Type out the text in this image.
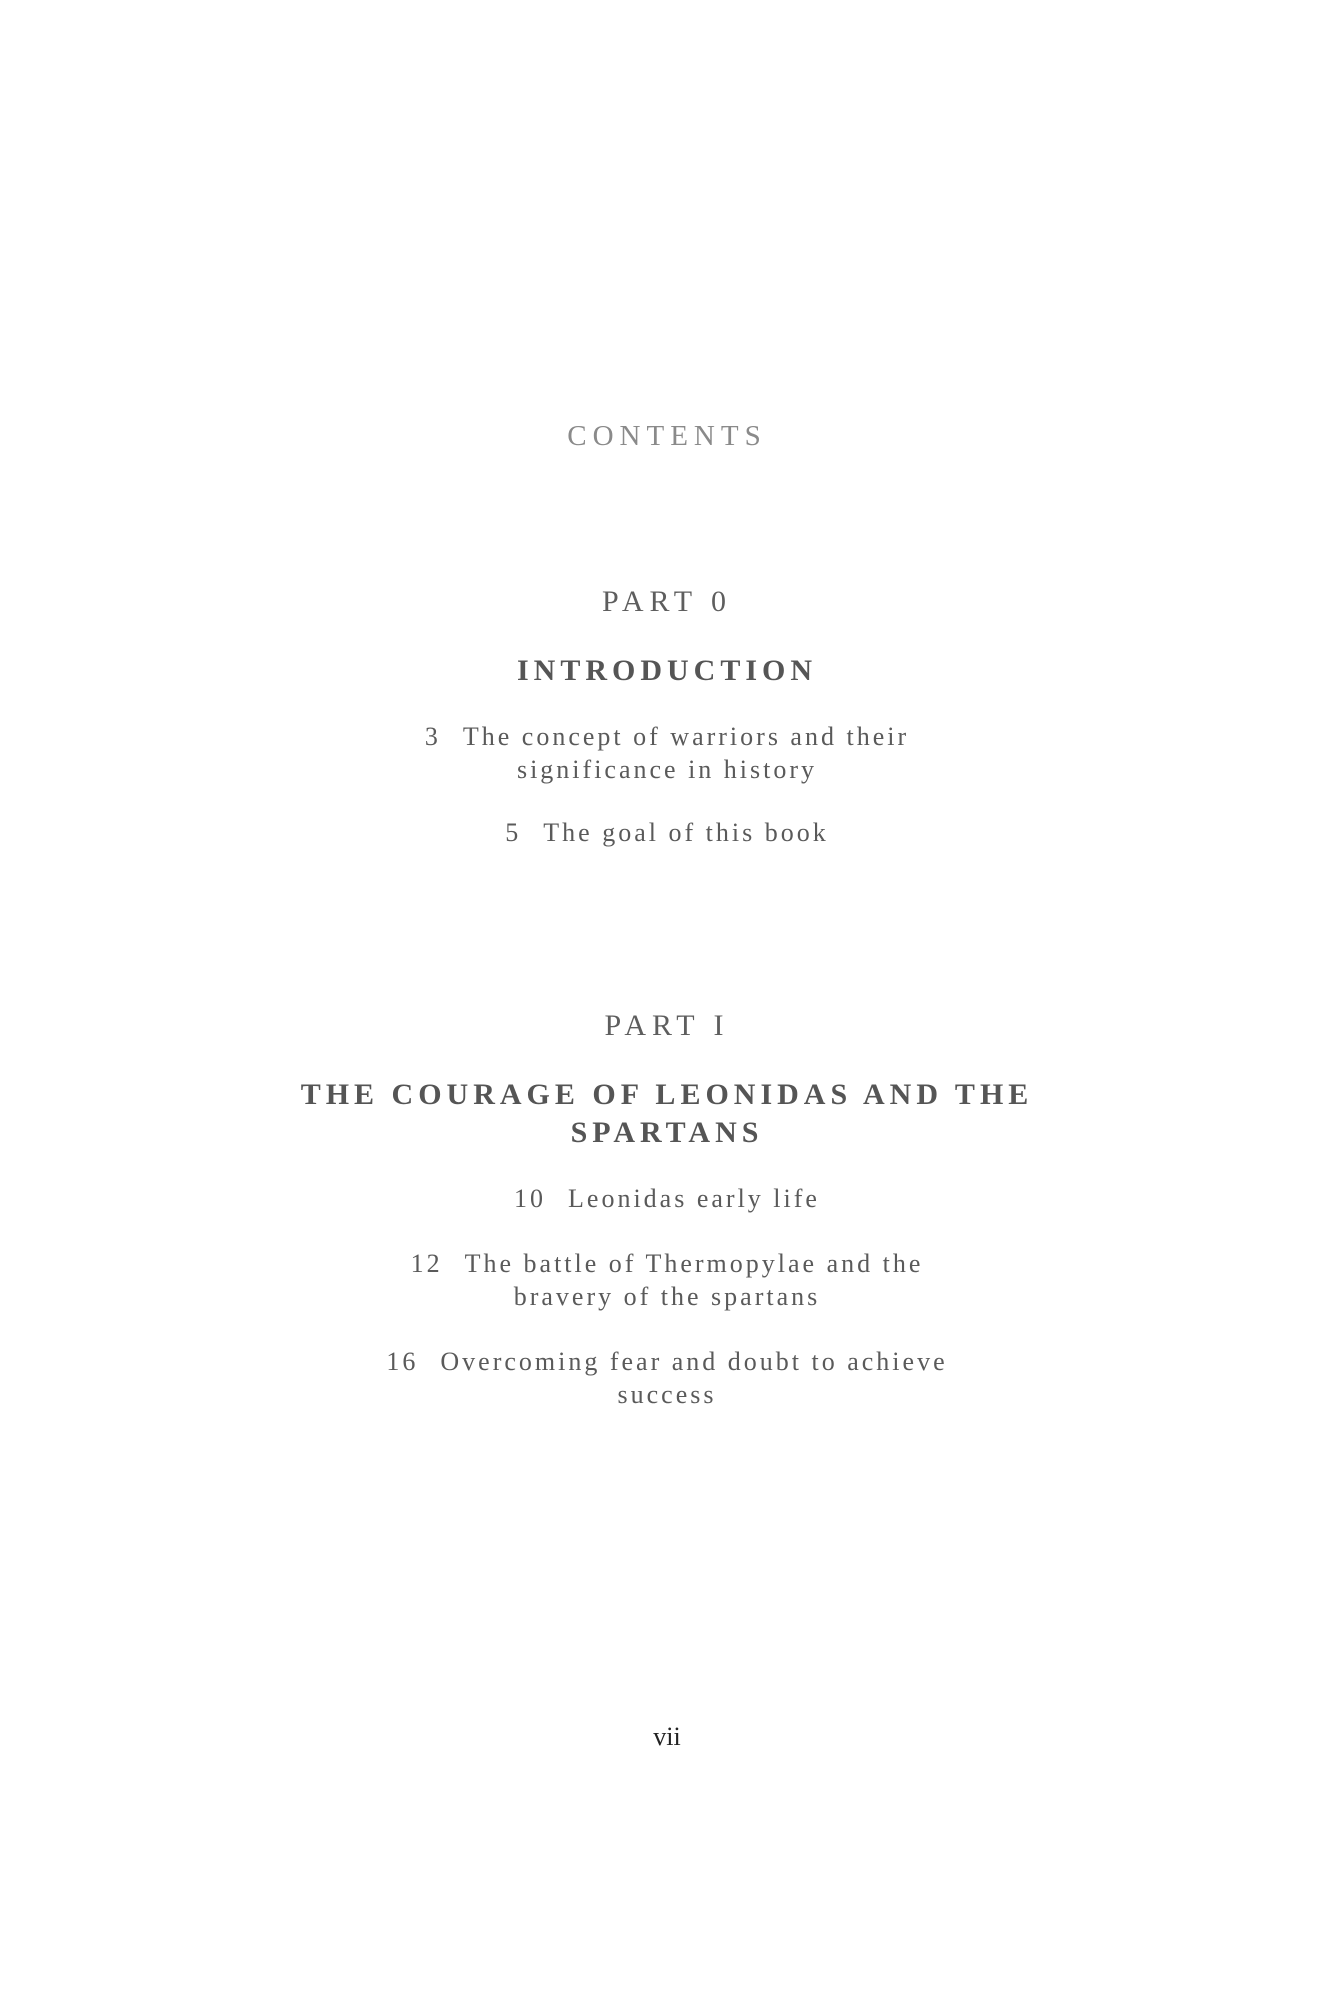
CONTENTS
PART 0
INTRODUCTION
3 The concept of warriors and their significance in history
5 The goal of this book
PART I
THE COURAGE OF LEONIDAS AND THE SPARTANS
10 Leonidas early life
12 The battle of Thermopylae and the bravery of the spartans
16 Overcoming fear and doubt to achieve success
vii
